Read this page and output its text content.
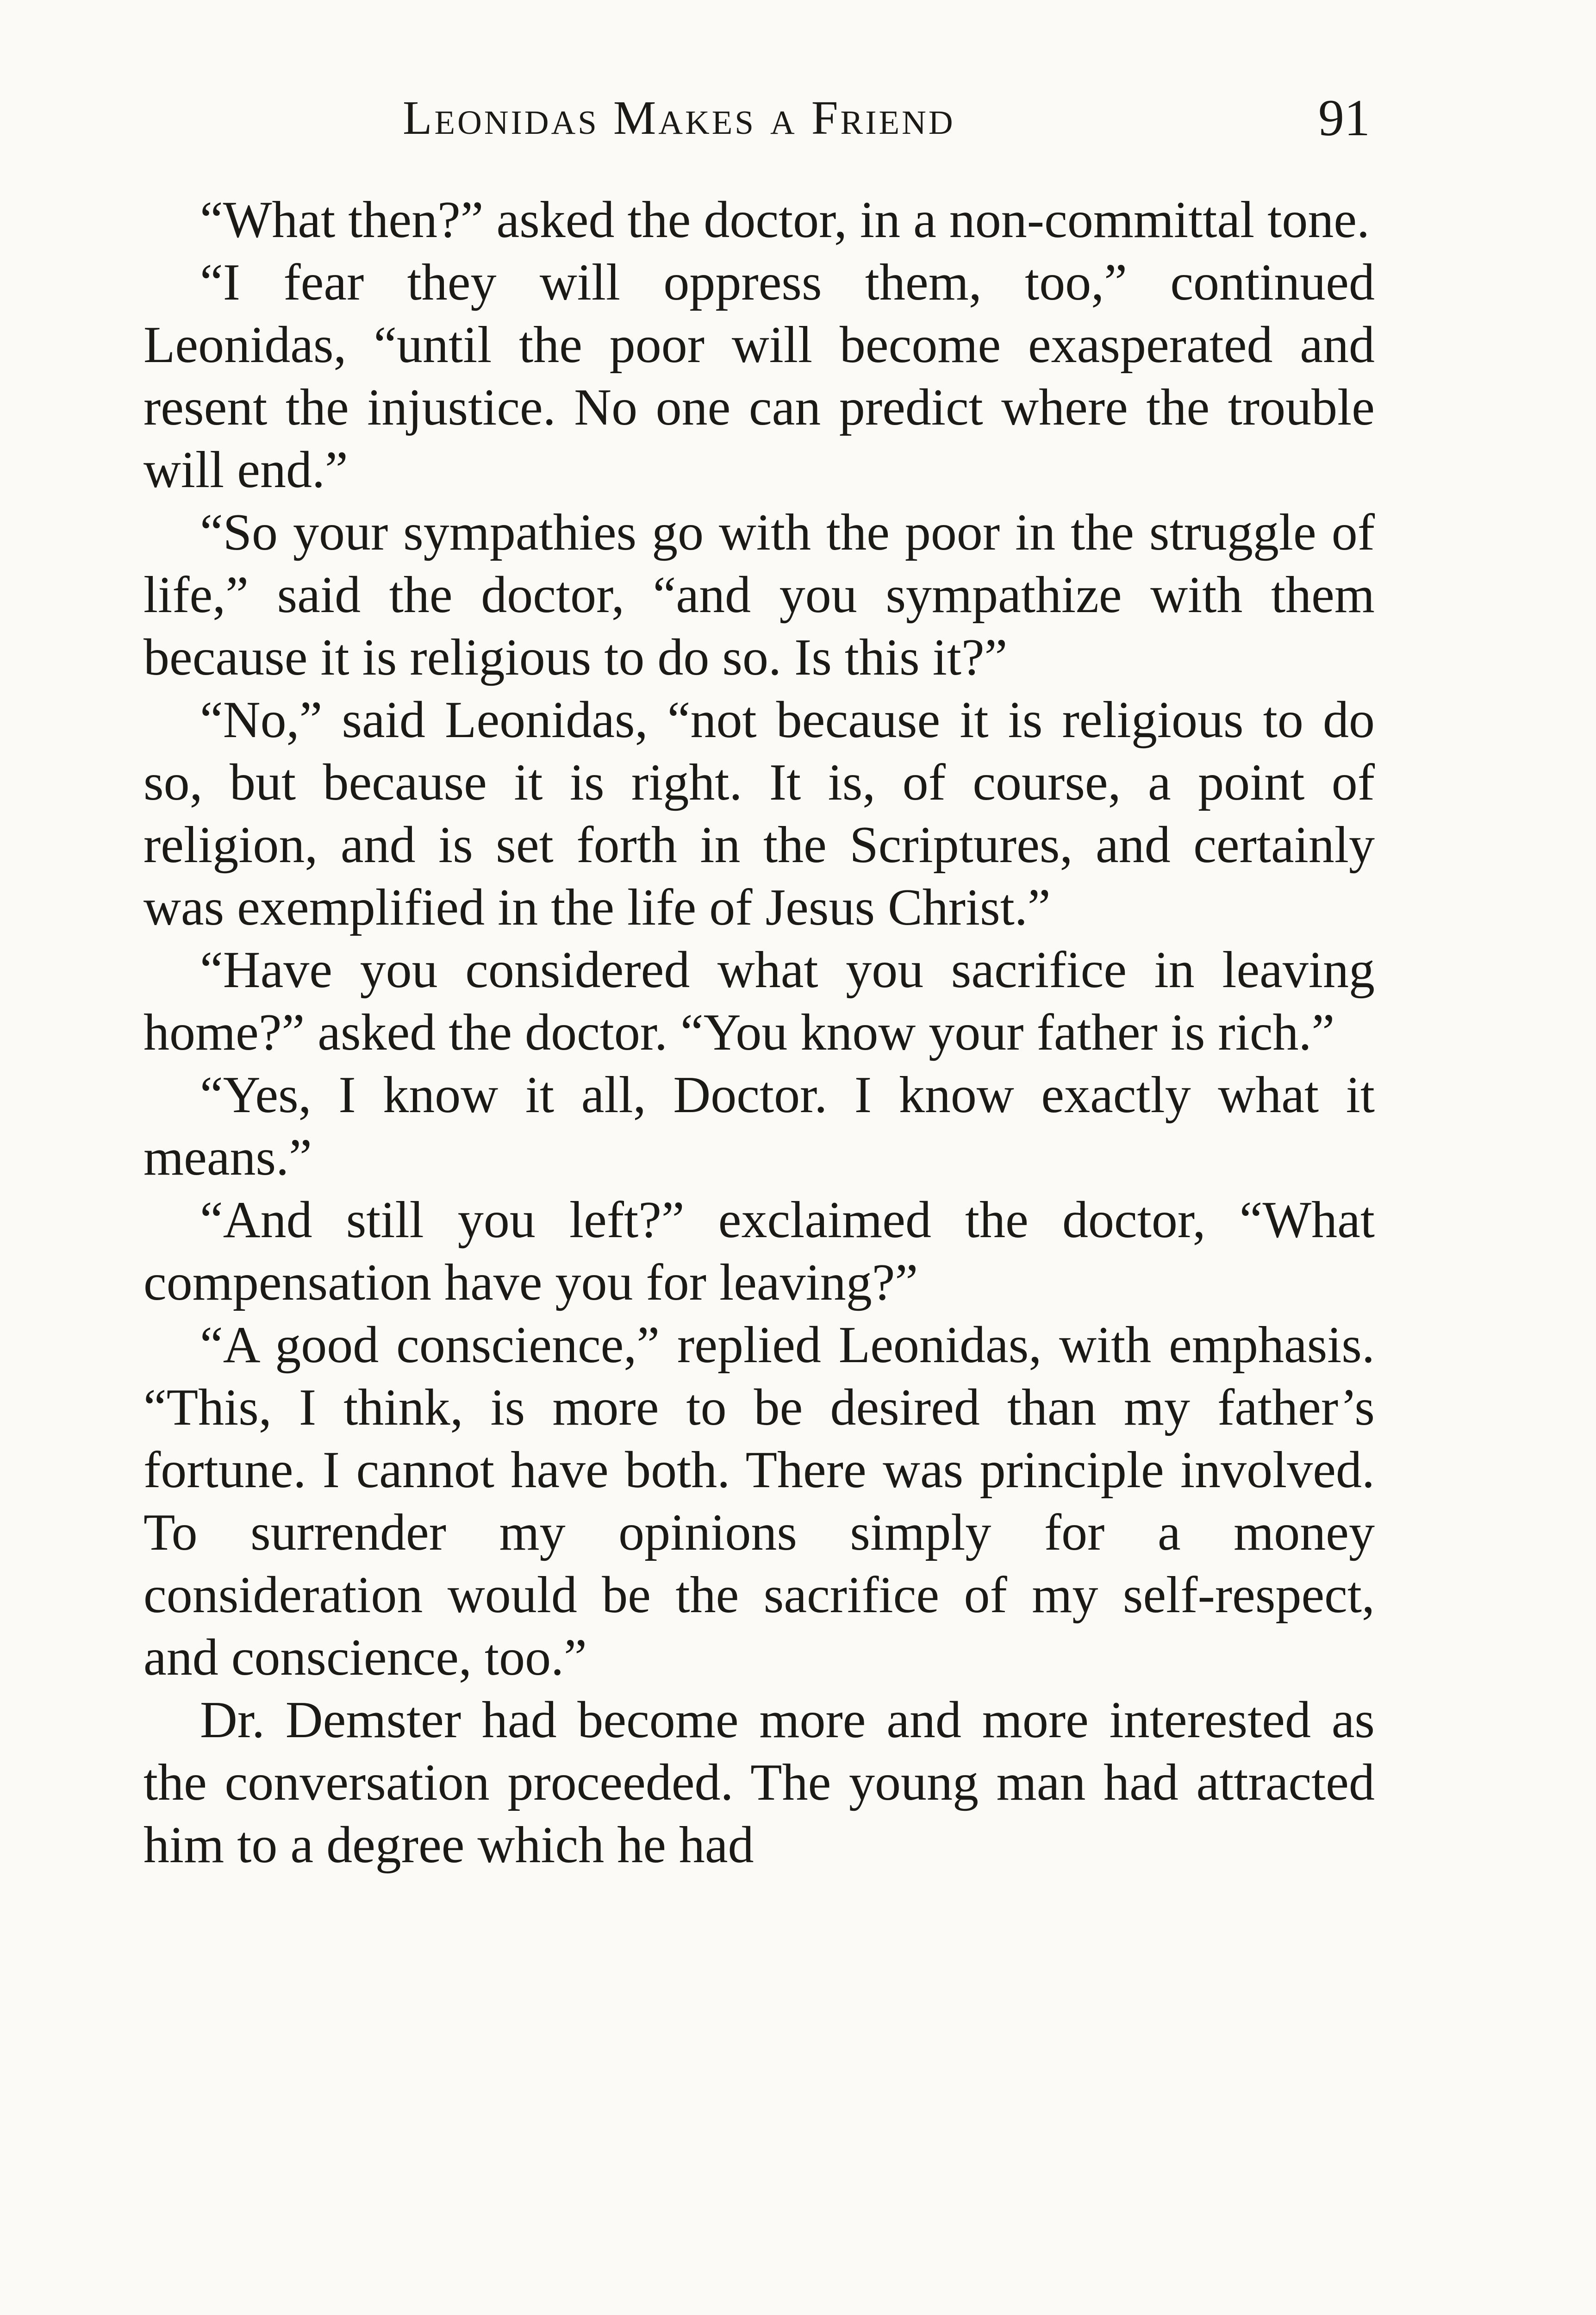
Leonidas Makes a Friend	91

“What then?” asked the doctor, in a non-committal tone.

“I fear they will oppress them, too,” continued Leonidas, “until the poor will become exasperated and resent the injustice. No one can predict where the trouble will end.”

“So your sympathies go with the poor in the struggle of life,” said the doctor, “and you sympathize with them because it is religious to do so. Is this it?”

“No,” said Leonidas, “not because it is religious to do so, but because it is right. It is, of course, a point of religion, and is set forth in the Scriptures, and certainly was exemplified in the life of Jesus Christ.”

“Have you considered what you sacrifice in leaving home?” asked the doctor. “You know your father is rich.”

“Yes, I know it all, Doctor. I know exactly what it means.”

“And still you left?” exclaimed the doctor, “What compensation have you for leaving?”

“A good conscience,” replied Leonidas, with emphasis. “This, I think, is more to be desired than my father’s fortune. I cannot have both. There was principle involved. To surrender my opinions simply for a money consideration would be the sacrifice of my self-respect, and conscience, too.”

Dr. Demster had become more and more interested as the conversation proceeded. The young man had attracted him to a degree which he had
